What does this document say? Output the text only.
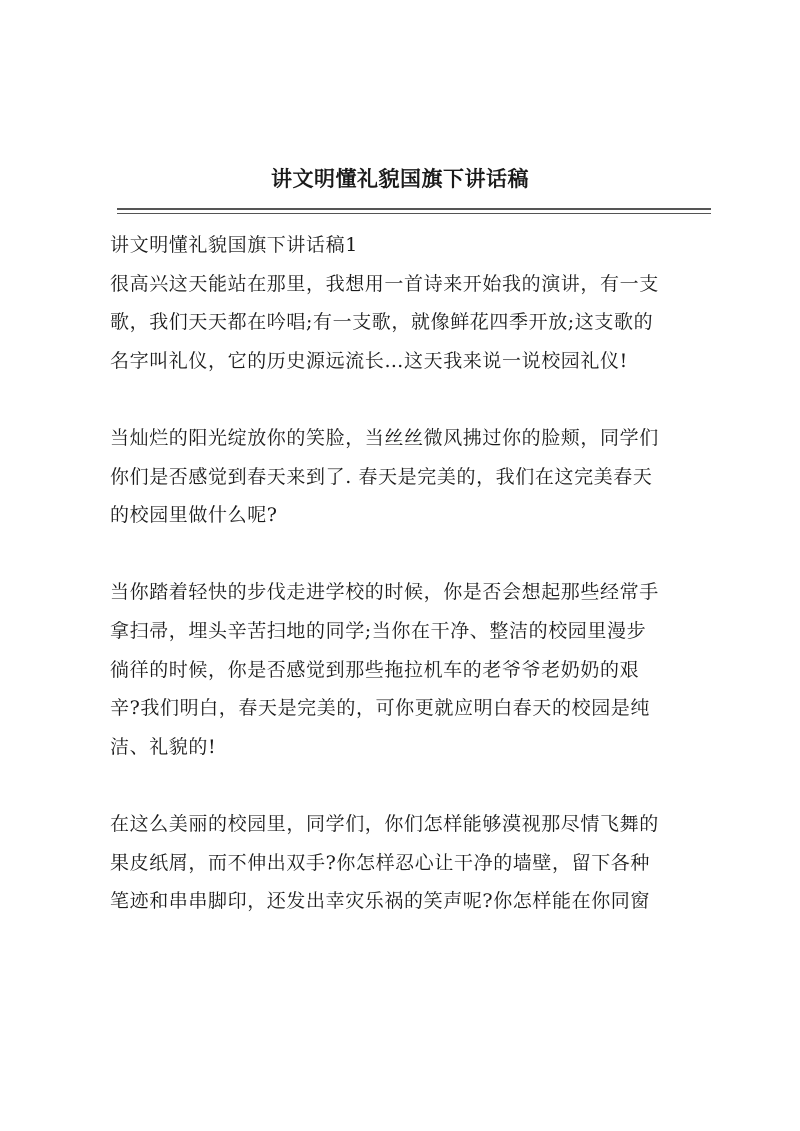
讲文明懂礼貌国旗下讲话稿
讲文明懂礼貌国旗下讲话稿1
很高兴这天能站在那里，我想用一首诗来开始我的演讲，有一支
歌，我们天天都在吟唱;有一支歌，就像鲜花四季开放;这支歌的
名字叫礼仪，它的历史源远流长…这天我来说一说校园礼仪!
当灿烂的阳光绽放你的笑脸，当丝丝微风拂过你的脸颊，同学们
你们是否感觉到春天来到了. 春天是完美的，我们在这完美春天
的校园里做什么呢?
当你踏着轻快的步伐走进学校的时候，你是否会想起那些经常手
拿扫帚，埋头辛苦扫地的同学;当你在干净、整洁的校园里漫步
徜徉的时候，你是否感觉到那些拖拉机车的老爷爷老奶奶的艰
辛?我们明白，春天是完美的，可你更就应明白春天的校园是纯
洁、礼貌的!
在这么美丽的校园里，同学们，你们怎样能够漠视那尽情飞舞的
果皮纸屑，而不伸出双手?你怎样忍心让干净的墙壁，留下各种
笔迹和串串脚印，还发出幸灾乐祸的笑声呢?你怎样能在你同窗
